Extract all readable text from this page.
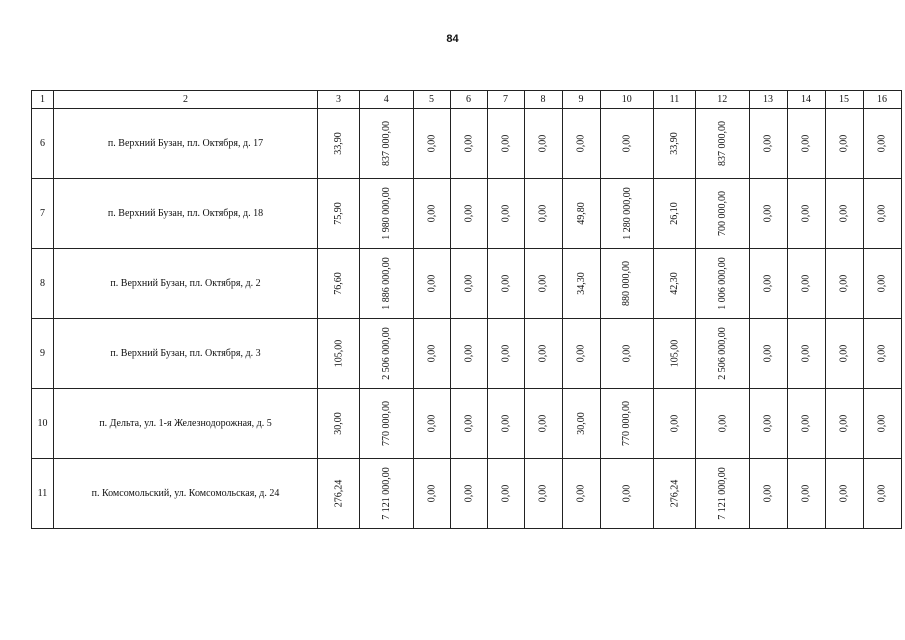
84
1	2	3	4	5	6	7	8	9	10	11	12	13	14	15	16
6	п. Верхний Бузан, пл. Октября, д. 17	33,90	837 000,00	0,00	0,00	0,00	0,00	0,00	0,00	33,90	837 000,00	0,00	0,00	0,00	0,00
7	п. Верхний Бузан, пл. Октября, д. 18	75,90	1 980 000,00	0,00	0,00	0,00	0,00	49,80	1 280 000,00	26,10	700 000,00	0,00	0,00	0,00	0,00
8	п. Верхний Бузан, пл. Октября, д. 2	76,60	1 886 000,00	0,00	0,00	0,00	0,00	34,30	880 000,00	42,30	1 006 000,00	0,00	0,00	0,00	0,00
9	п. Верхний Бузан, пл. Октября, д. 3	105,00	2 506 000,00	0,00	0,00	0,00	0,00	0,00	0,00	105,00	2 506 000,00	0,00	0,00	0,00	0,00
10	п. Дельта, ул. 1-я Железнодорожная, д. 5	30,00	770 000,00	0,00	0,00	0,00	0,00	30,00	770 000,00	0,00	0,00	0,00	0,00	0,00	0,00
11	п. Комсомольский, ул. Комсомольская, д. 24	276,24	7 121 000,00	0,00	0,00	0,00	0,00	0,00	0,00	276,24	7 121 000,00	0,00	0,00	0,00	0,00
